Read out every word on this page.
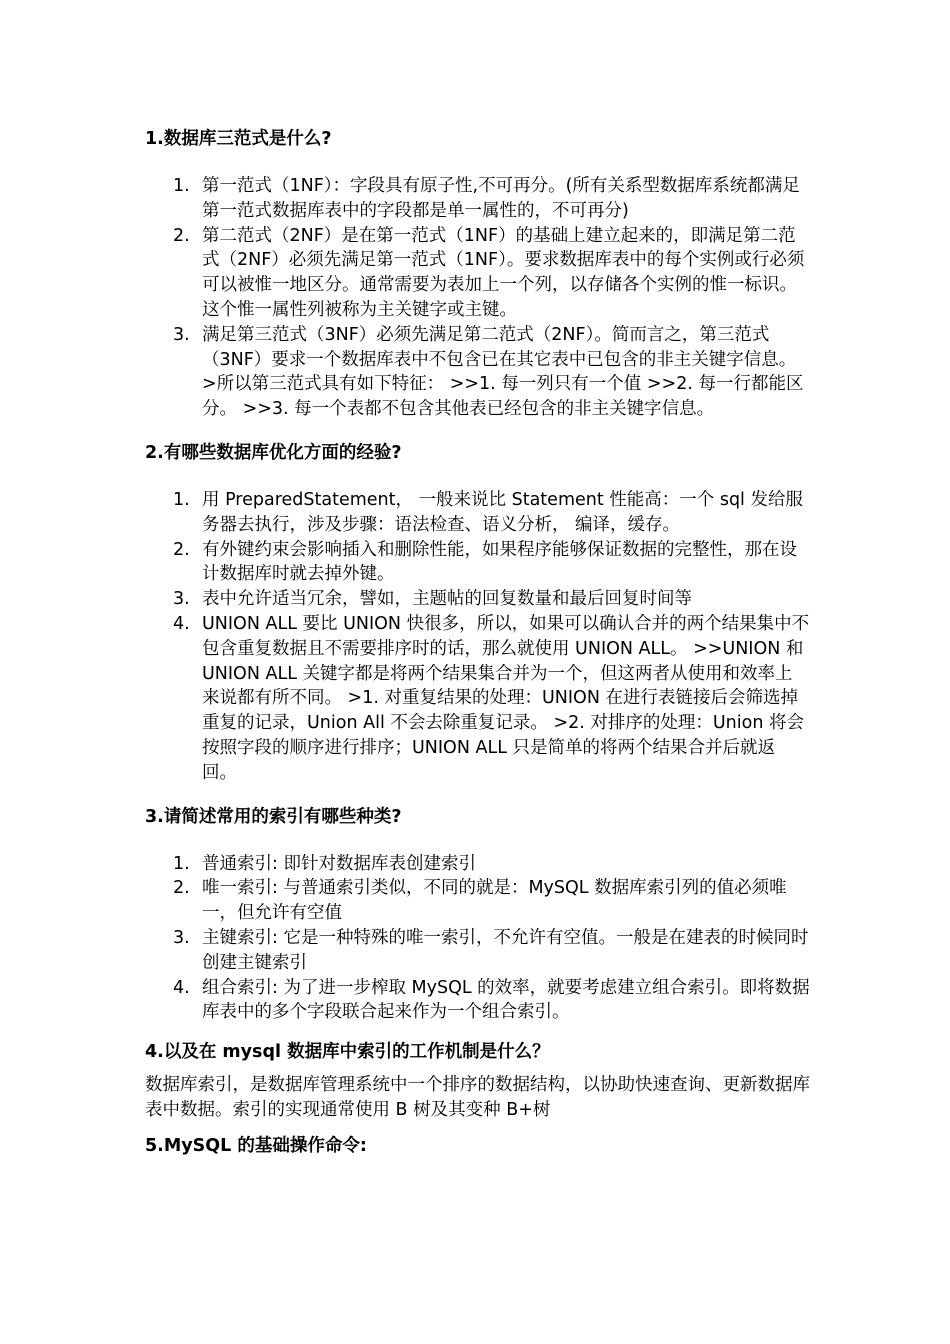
1.数据库三范式是什么?
1. 第一范式（1NF）：字段具有原子性,不可再分。(所有关系型数据库系统都满足第一范式数据库表中的字段都是单一属性的，不可再分)
2. 第二范式（2NF）是在第一范式（1NF）的基础上建立起来的，即满足第二范式（2NF）必须先满足第一范式（1NF）。要求数据库表中的每个实例或行必须可以被惟一地区分。通常需要为表加上一个列，以存储各个实例的惟一标识。这个惟一属性列被称为主关键字或主键。
3. 满足第三范式（3NF）必须先满足第二范式（2NF）。简而言之，第三范式（3NF）要求一个数据库表中不包含已在其它表中已包含的非主关键字信息。 >所以第三范式具有如下特征： >>1. 每一列只有一个值 >>2. 每一行都能区分。 >>3. 每一个表都不包含其他表已经包含的非主关键字信息。
2.有哪些数据库优化方面的经验?
1. 用 PreparedStatement， 一般来说比 Statement 性能高：一个 sql 发给服务器去执行，涉及步骤：语法检查、语义分析， 编译，缓存。
2. 有外键约束会影响插入和删除性能，如果程序能够保证数据的完整性，那在设计数据库时就去掉外键。
3. 表中允许适当冗余，譬如，主题帖的回复数量和最后回复时间等
4. UNION ALL 要比 UNION 快很多，所以，如果可以确认合并的两个结果集中不包含重复数据且不需要排序时的话，那么就使用 UNION ALL。 >>UNION 和 UNION ALL 关键字都是将两个结果集合并为一个，但这两者从使用和效率上来说都有所不同。 >1. 对重复结果的处理：UNION 在进行表链接后会筛选掉重复的记录，Union All 不会去除重复记录。 >2. 对排序的处理：Union 将会按照字段的顺序进行排序；UNION ALL 只是简单的将两个结果合并后就返回。
3.请简述常用的索引有哪些种类?
1. 普通索引: 即针对数据库表创建索引
2. 唯一索引: 与普通索引类似，不同的就是：MySQL 数据库索引列的值必须唯一，但允许有空值
3. 主键索引: 它是一种特殊的唯一索引，不允许有空值。一般是在建表的时候同时创建主键索引
4. 组合索引: 为了进一步榨取 MySQL 的效率，就要考虑建立组合索引。即将数据库表中的多个字段联合起来作为一个组合索引。
4.以及在 mysql 数据库中索引的工作机制是什么？

数据库索引，是数据库管理系统中一个排序的数据结构，以协助快速查询、更新数据库表中数据。索引的实现通常使用 B 树及其变种 B+树

5.MySQL 的基础操作命令:
